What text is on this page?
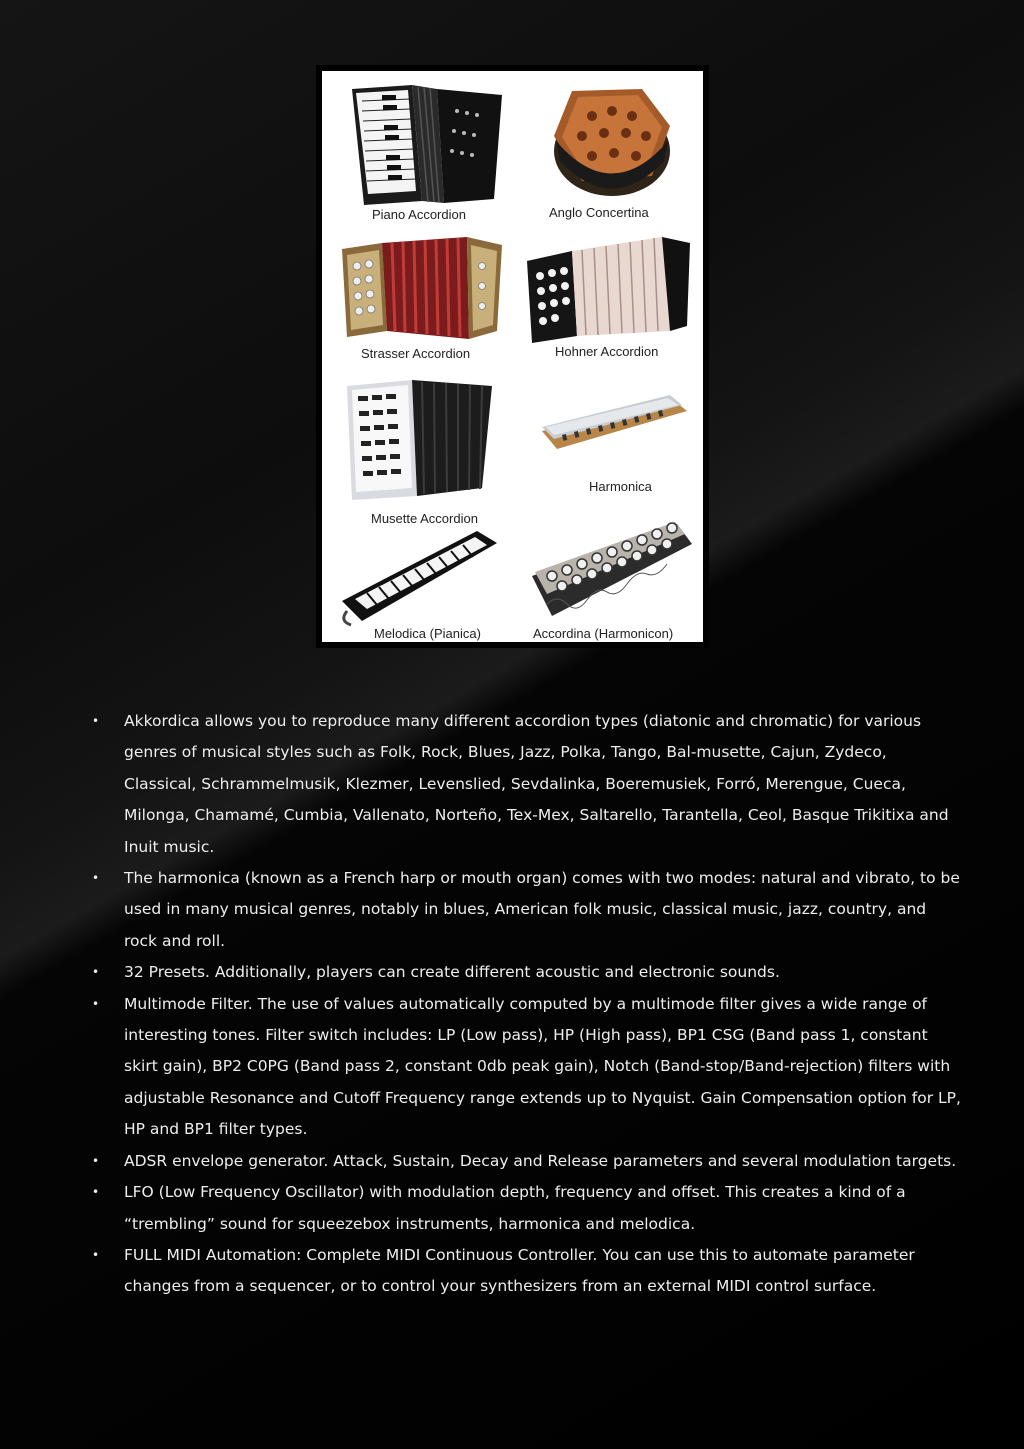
Piano Accordion	Anglo Concertina
Strasser Accordion	Hohner Accordion
Musette Accordion
Harmonica
Melodica (Pianica)	Accordina (Harmonicon)
• Akkordica allows you to reproduce many different accordion types (diatonic and chromatic) for various genres of musical styles such as Folk, Rock, Blues, Jazz, Polka, Tango, Bal-musette, Cajun, Zydeco, Classical, Schrammelmusik, Klezmer, Levenslied, Sevdalinka, Boeremusiek, Forró, Merengue, Cueca, Milonga, Chamamé, Cumbia, Vallenato, Norteño, Tex-Mex, Saltarello, Tarantella, Ceol, Basque Trikitixa and Inuit music.
• The harmonica (known as a French harp or mouth organ) comes with two modes: natural and vibrato, to be used in many musical genres, notably in blues, American folk music, classical music, jazz, country, and rock and roll.
• 32 Presets. Additionally, players can create different acoustic and electronic sounds.
• Multimode Filter. The use of values automatically computed by a multimode filter gives a wide range of interesting tones. Filter switch includes: LP (Low pass), HP (High pass), BP1 CSG (Band pass 1, constant skirt gain), BP2 C0PG (Band pass 2, constant 0db peak gain), Notch (Band-stop/Band-rejection) filters with adjustable Resonance and Cutoff Frequency range extends up to Nyquist. Gain Compensation option for LP, HP and BP1 filter types.
• ADSR envelope generator. Attack, Sustain, Decay and Release parameters and several modulation targets.
• LFO (Low Frequency Oscillator) with modulation depth, frequency and offset. This creates a kind of a “trembling” sound for squeezebox instruments, harmonica and melodica.
• FULL MIDI Automation: Complete MIDI Continuous Controller. You can use this to automate parameter changes from a sequencer, or to control your synthesizers from an external MIDI control surface.
